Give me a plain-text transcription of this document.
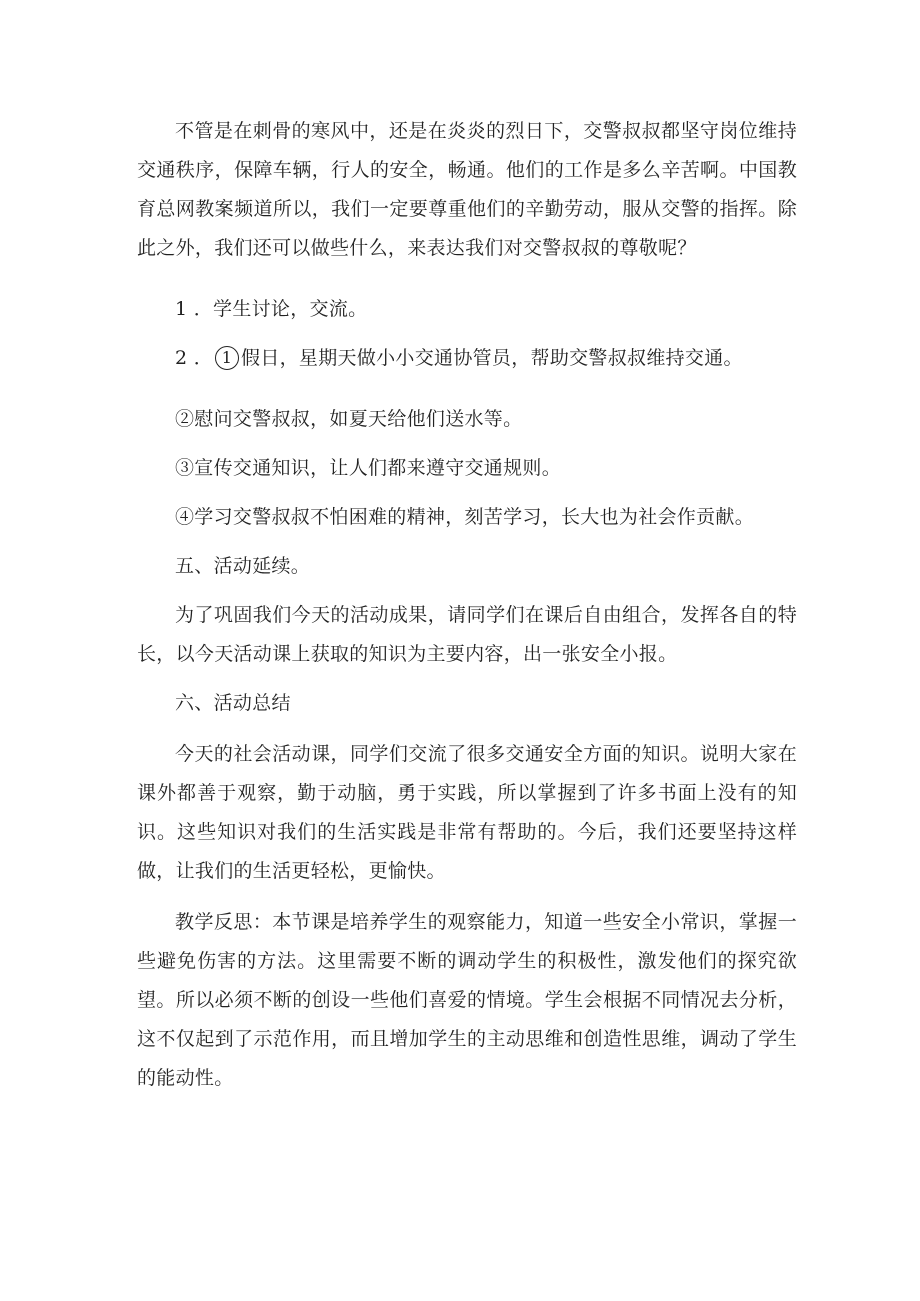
不管是在刺骨的寒风中，还是在炎炎的烈日下，交警叔叔都坚守岗位维持交通秩序，保障车辆，行人的安全，畅通。他们的工作是多么辛苦啊。中国教育总网教案频道所以，我们一定要尊重他们的辛勤劳动，服从交警的指挥。除此之外，我们还可以做些什么，来表达我们对交警叔叔的尊敬呢？

1 ．学生讨论，交流。

2 ． 1 假日，星期天做小小交通协管员，帮助交警叔叔维持交通。

②慰问交警叔叔，如夏天给他们送水等。

③宣传交通知识，让人们都来遵守交通规则。

④学习交警叔叔不怕困难的精神，刻苦学习，长大也为社会作贡献。

五、活动延续。

为了巩固我们今天的活动成果，请同学们在课后自由组合，发挥各自的特长，以今天活动课上获取的知识为主要内容，出一张安全小报。

六、活动总结

今天的社会活动课，同学们交流了很多交通安全方面的知识。说明大家在课外都善于观察，勤于动脑，勇于实践，所以掌握到了许多书面上没有的知识。这些知识对我们的生活实践是非常有帮助的。今后，我们还要坚持这样做，让我们的生活更轻松，更愉快。

教学反思：本节课是培养学生的观察能力，知道一些安全小常识，掌握一些避免伤害的方法。这里需要不断的调动学生的积极性，激发他们的探究欲望。所以必须不断的创设一些他们喜爱的情境。学生会根据不同情况去分析，这不仅起到了示范作用，而且增加学生的主动思维和创造性思维，调动了学生的能动性。
